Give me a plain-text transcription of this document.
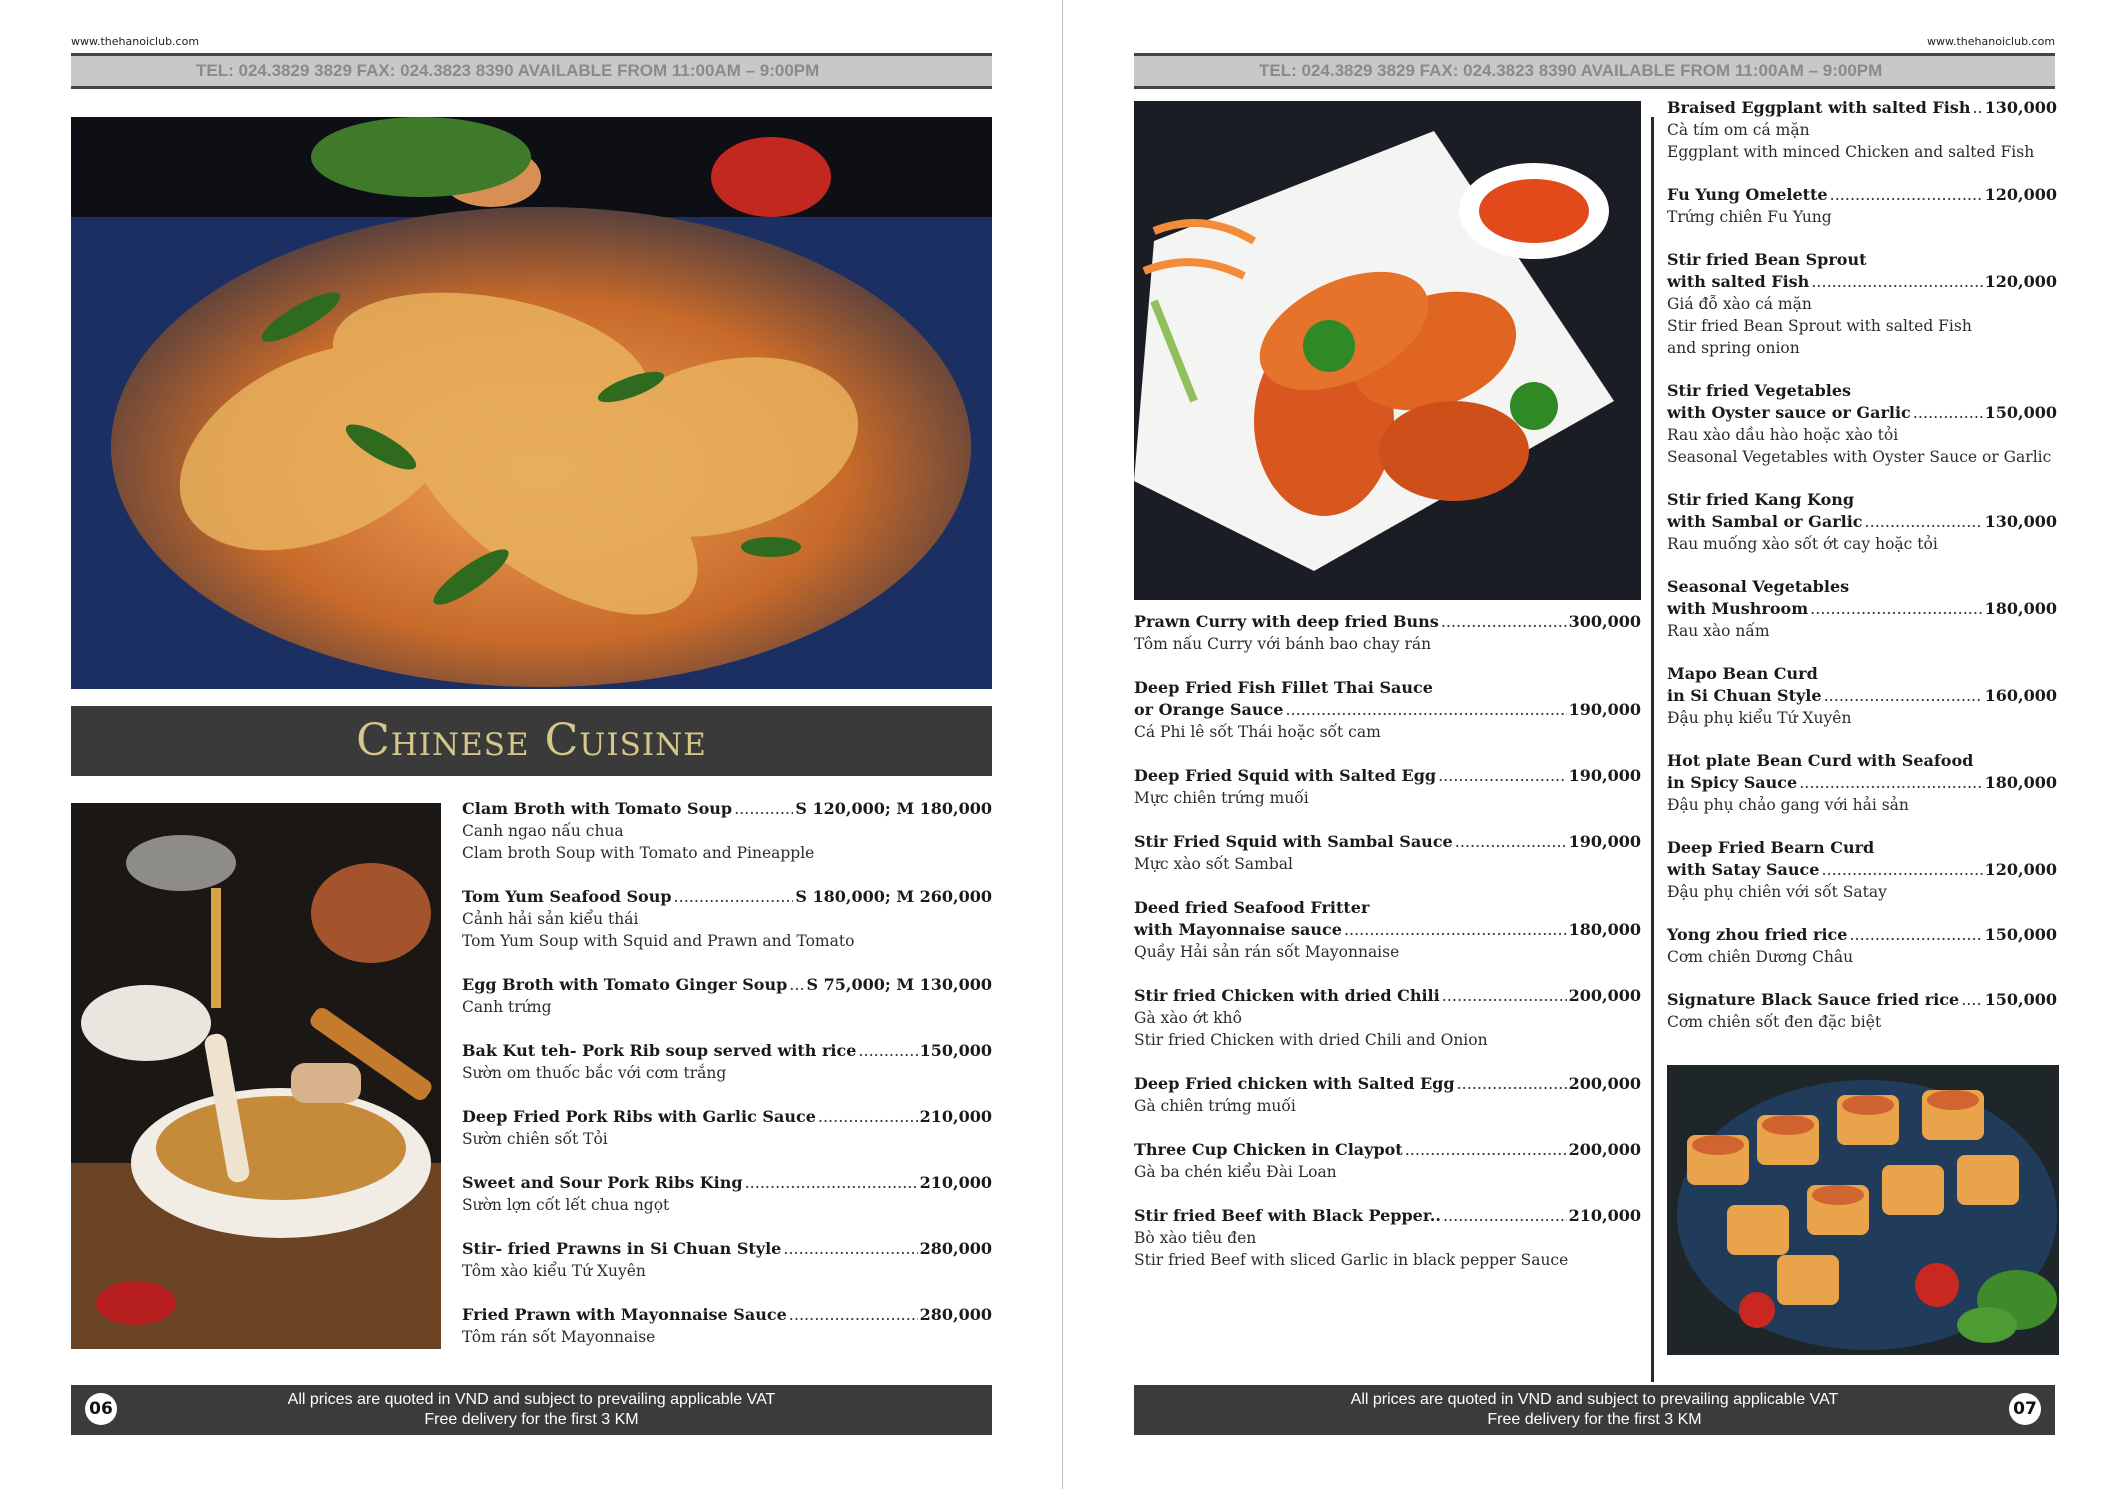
www.thehanoiclub.com
TEL: 024.3829 3829 FAX: 024.3823 8390 AVAILABLE FROM 11:00AM – 9:00PM
Chinese Cuisine
Clam Broth with Tomato Soup .....	S 120,000; M 180,000
Canh ngao nấu chua
Clam broth Soup with Tomato and Pineapple
Tom Yum Seafood Soup .....	S 180,000; M 260,000
Cảnh hải sản kiểu thái
Tom Yum Soup with Squid and Prawn and Tomato
Egg Broth with Tomato Ginger Soup ..... S 75,000; M 130,000
Canh trứng
Bak Kut teh- Pork Rib soup served with rice .....	150,000
Sườn om thuốc bắc với cơm trắng
Deep Fried Pork Ribs with Garlic Sauce .....	210,000
Sườn chiên sốt Tỏi
Sweet and Sour Pork Ribs King .....	210,000
Sườn lợn cốt lết chua ngọt
Stir- fried Prawns in Si Chuan Style .....	280,000
Tôm xào kiểu Tứ Xuyên
Fried Prawn with Mayonnaise Sauce .....	280,000
Tôm rán sốt Mayonnaise
06	All prices are quoted in VND and subject to prevailing applicable VAT
Free delivery for the first 3 KM
www.thehanoiclub.com
TEL: 024.3829 3829 FAX: 024.3823 8390 AVAILABLE FROM 11:00AM – 9:00PM
Prawn Curry with deep fried Buns .....	300,000
Tôm nấu Curry với bánh bao chay rán
Deep Fried Fish Fillet Thai Sauce
or Orange Sauce .....	190,000
Cá Phi lê sốt Thái hoặc sốt cam
Deep Fried Squid with Salted Egg .....	190,000
Mực chiên trứng muối
Stir Fried Squid with Sambal Sauce .....	190,000
Mực xào sốt Sambal
Deed fried Seafood Fritter
with Mayonnaise sauce .....	180,000
Quầy Hải sản rán sốt Mayonnaise
Stir fried Chicken with dried Chili .....	200,000
Gà xào ớt khô
Stir fried Chicken with dried Chili and Onion
Deep Fried chicken with Salted Egg .....	200,000
Gà chiên trứng muối
Three Cup Chicken in Claypot .....	200,000
Gà ba chén kiểu Đài Loan
Stir fried Beef with Black Pepper.. .....	210,000
Bò xào tiêu đen
Stir fried Beef with sliced Garlic in black pepper Sauce
Braised Eggplant with salted Fish ..... 130,000
Cà tím om cá mặn
Eggplant with minced Chicken and salted Fish
Fu Yung Omelette .....	120,000
Trứng chiên Fu Yung
Stir fried Bean Sprout
with salted Fish .....	120,000
Giá đỗ xào cá mặn
Stir fried Bean Sprout with salted Fish
and spring onion
Stir fried Vegetables
with Oyster sauce or Garlic .....	150,000
Rau xào dầu hào hoặc xào tỏi
Seasonal Vegetables with Oyster Sauce or Garlic
Stir fried Kang Kong
with Sambal or Garlic .....	130,000
Rau muống xào sốt ớt cay hoặc tỏi
Seasonal Vegetables
with Mushroom .....	180,000
Rau xào nấm
Mapo Bean Curd
in Si Chuan Style .....	160,000
Đậu phụ kiểu Tứ Xuyên
Hot plate Bean Curd with Seafood
in Spicy Sauce .....	180,000
Đậu phụ chảo gang với hải sản
Deep Fried Bearn Curd
with Satay Sauce .....	120,000
Đậu phụ chiên với sốt Satay
Yong zhou fried rice .....	150,000
Cơm chiên Dương Châu
Signature Black Sauce fried rice ..... 150,000
Cơm chiên sốt đen đặc biệt
07
All prices are quoted in VND and subject to prevailing applicable VAT
Free delivery for the first 3 KM
